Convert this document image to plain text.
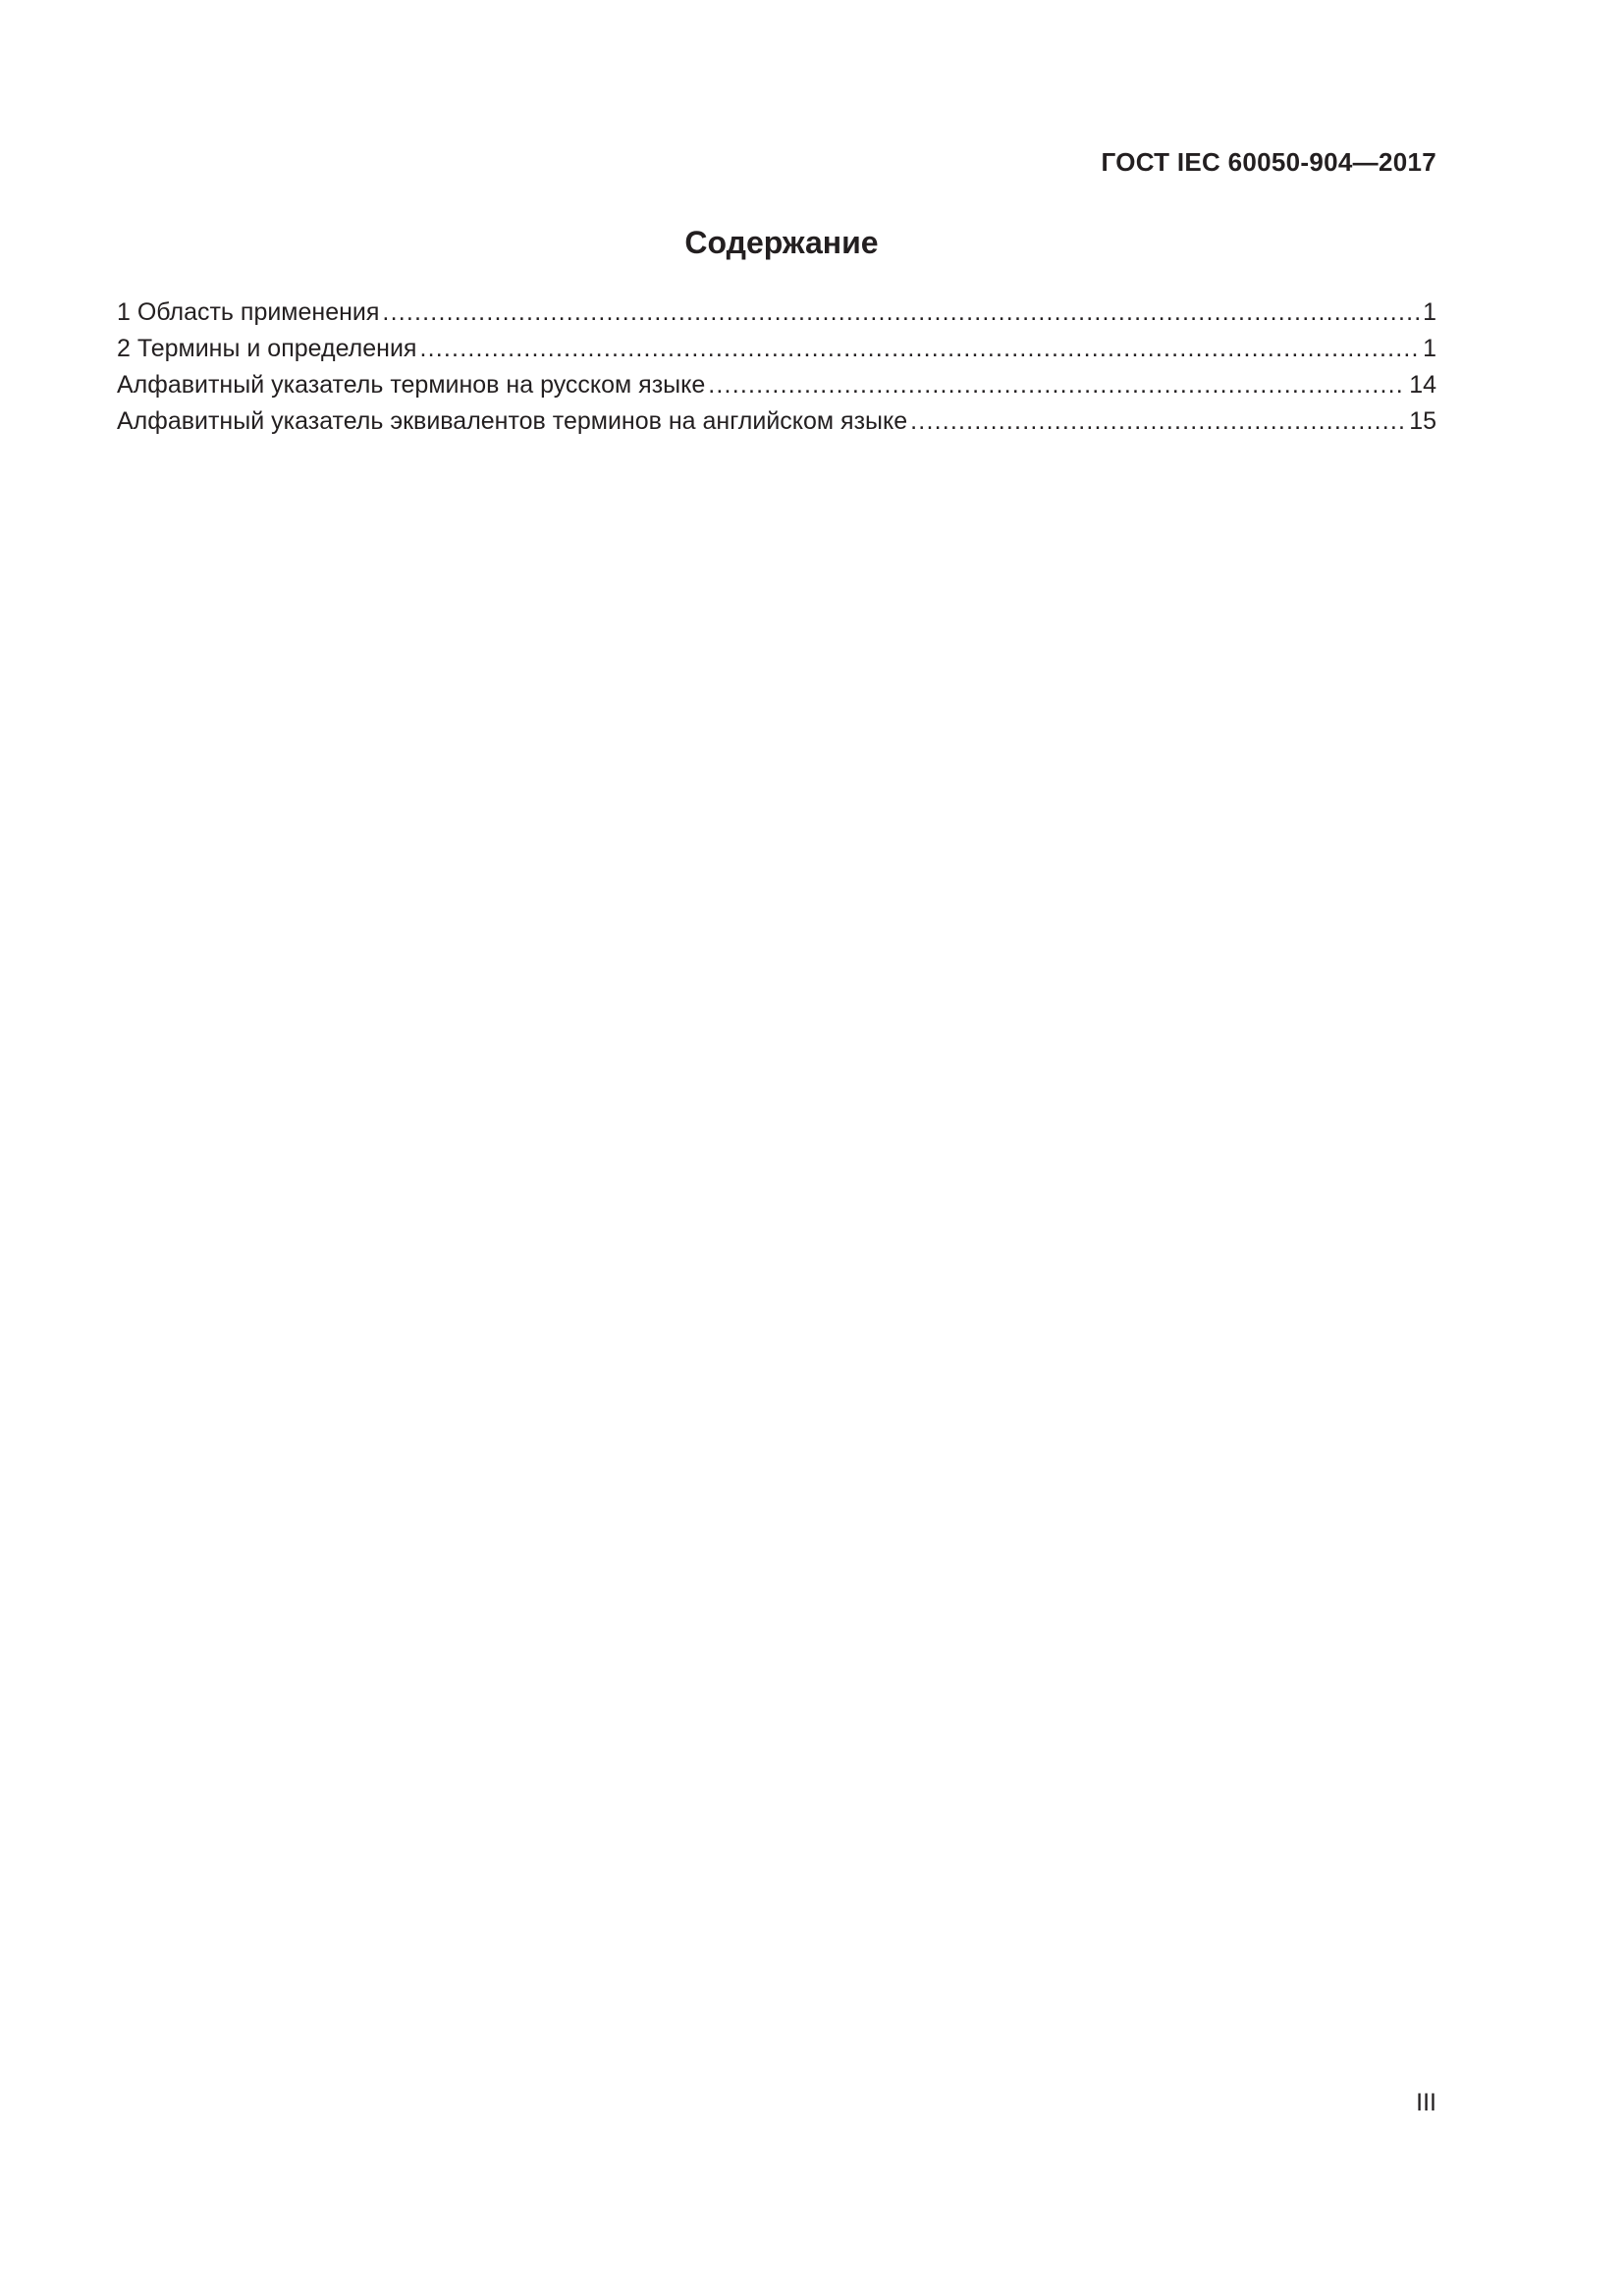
ГОСТ IEC 60050-904—2017
Содержание
1 Область применения .....	1
2 Термины и определения .....	1
Алфавитный указатель терминов на русском языке .....	14
Алфавитный указатель эквивалентов терминов на английском языке .....	15
III
